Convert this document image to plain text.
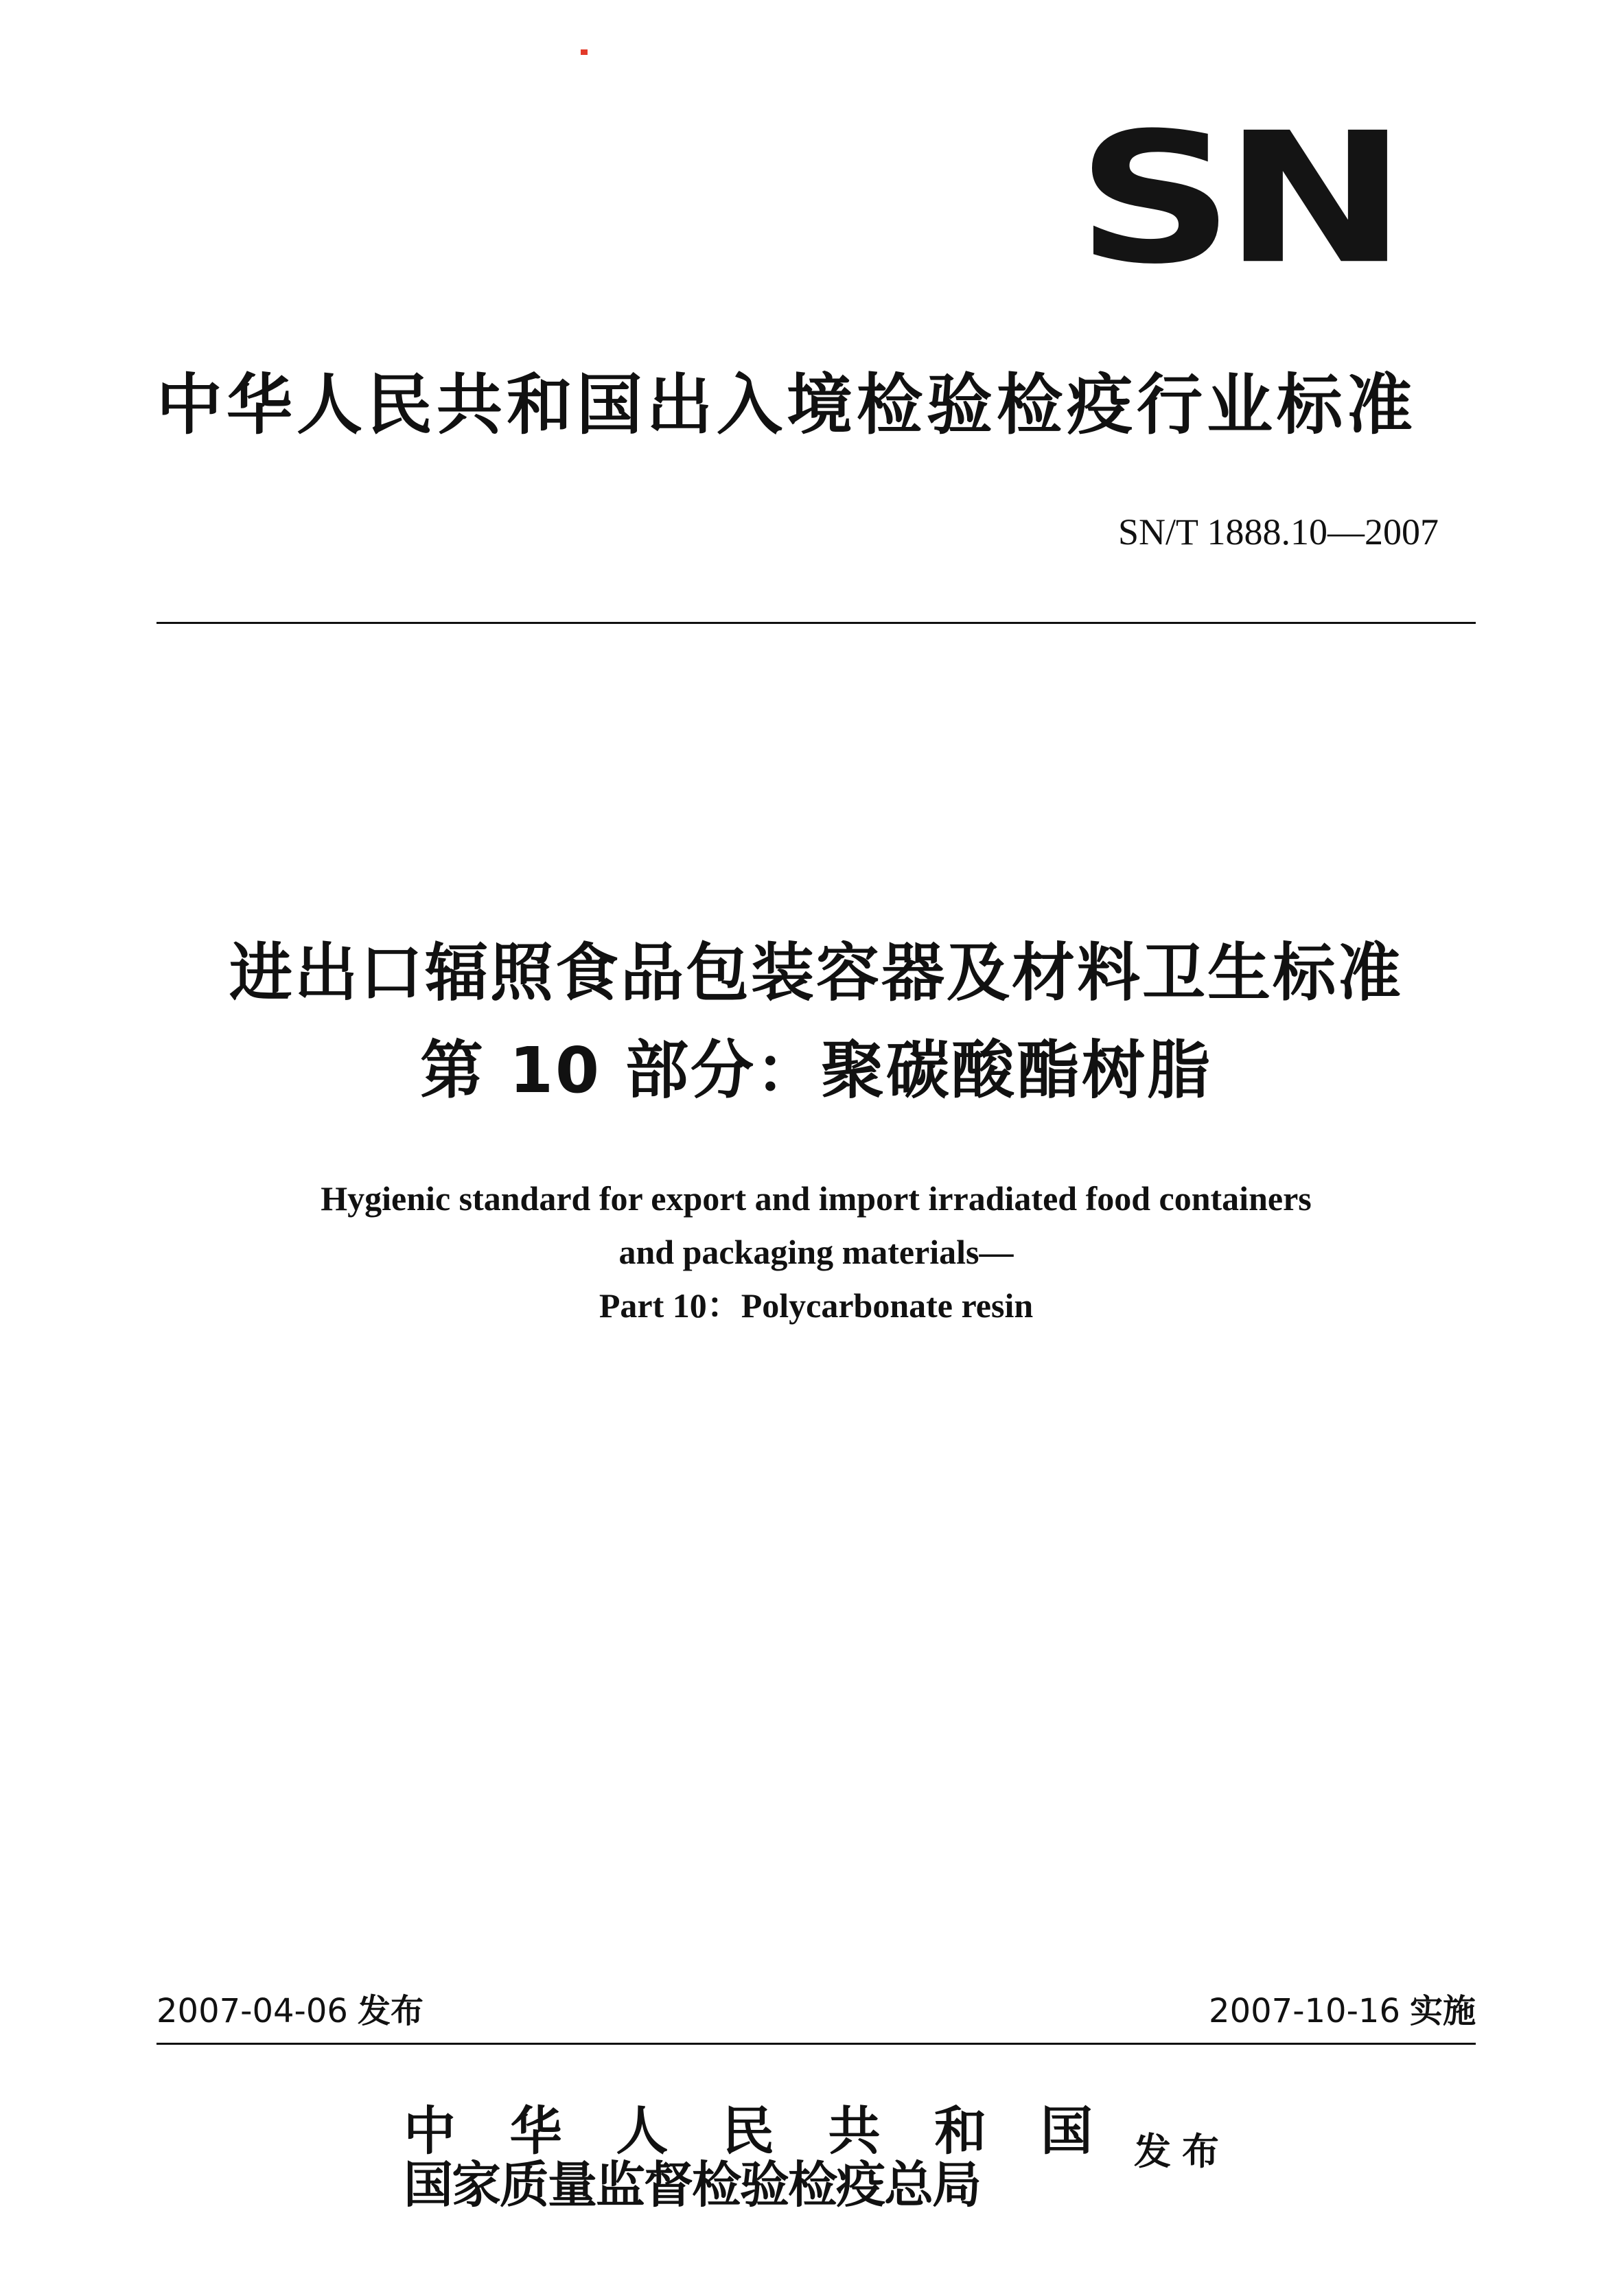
SN
中华人民共和国出入境检验检疫行业标准
SN/T 1888.10—2007
进出口辐照食品包装容器及材料卫生标准
第 10 部分：聚碳酸酯树脂
Hygienic standard for export and import irradiated food containers
and packaging materials—
Part 10：Polycarbonate resin
2007-04-06 发布	2007-10-16 实施
中 华 人 民 共 和 国
国家质量监督检验检疫总局
发布
